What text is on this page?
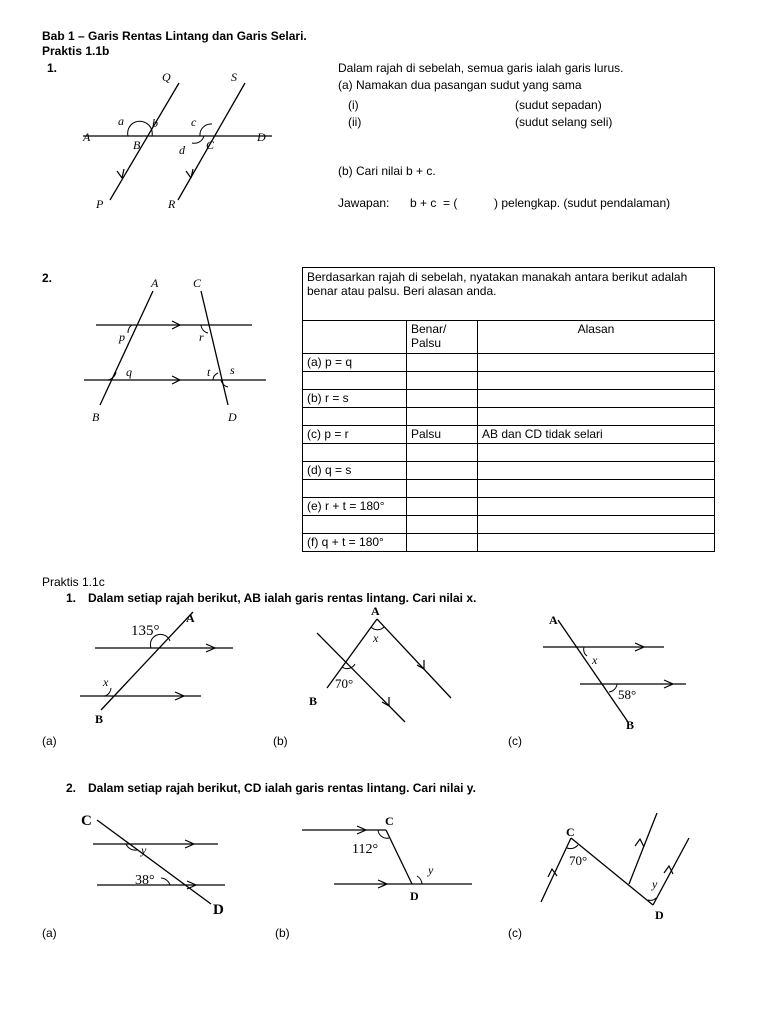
Bab 1 – Garis Rentas Lintang dan Garis Selari.
Praktis 1.1b
1.
Q	S
A
B	C
D
P	R
a b	c
d
Dalam rajah di sebelah, semua garis ialah garis lurus.
(a) Namakan dua pasangan sudut yang sama
(i)	(sudut sepadan)
(ii)	(sudut selang seli)
(b) Cari nilai b + c.
Jawapan: b + c  = (           ) pelengkap. (sudut pendalaman)
2.	A	C
B	D
p	r
q	t s
Berdasarkan rajah di sebelah, nyatakan manakah antara berikut adalah benar atau palsu. Beri alasan anda.		
	Benar/ Palsu	Alasan
(a) p = q		

(b) r = s		

(c) p = r	Palsu	AB dan CD tidak selari

(d) q = s		

(e) r + t = 180°		

(f) q + t = 180°		
Praktis 1.1c
1. Dalam setiap rajah berikut, AB ialah garis rentas lintang. Cari nilai x.
135°
A
B
x
(a)
A
x
70°
B
(b)
A
x
58°
B
(c)
2. Dalam setiap rajah berikut, CD ialah garis rentas lintang. Cari nilai y.
C
y
38°
D
(a)
C
112°
y
D
(b)
C
70°
y
D
(c)
